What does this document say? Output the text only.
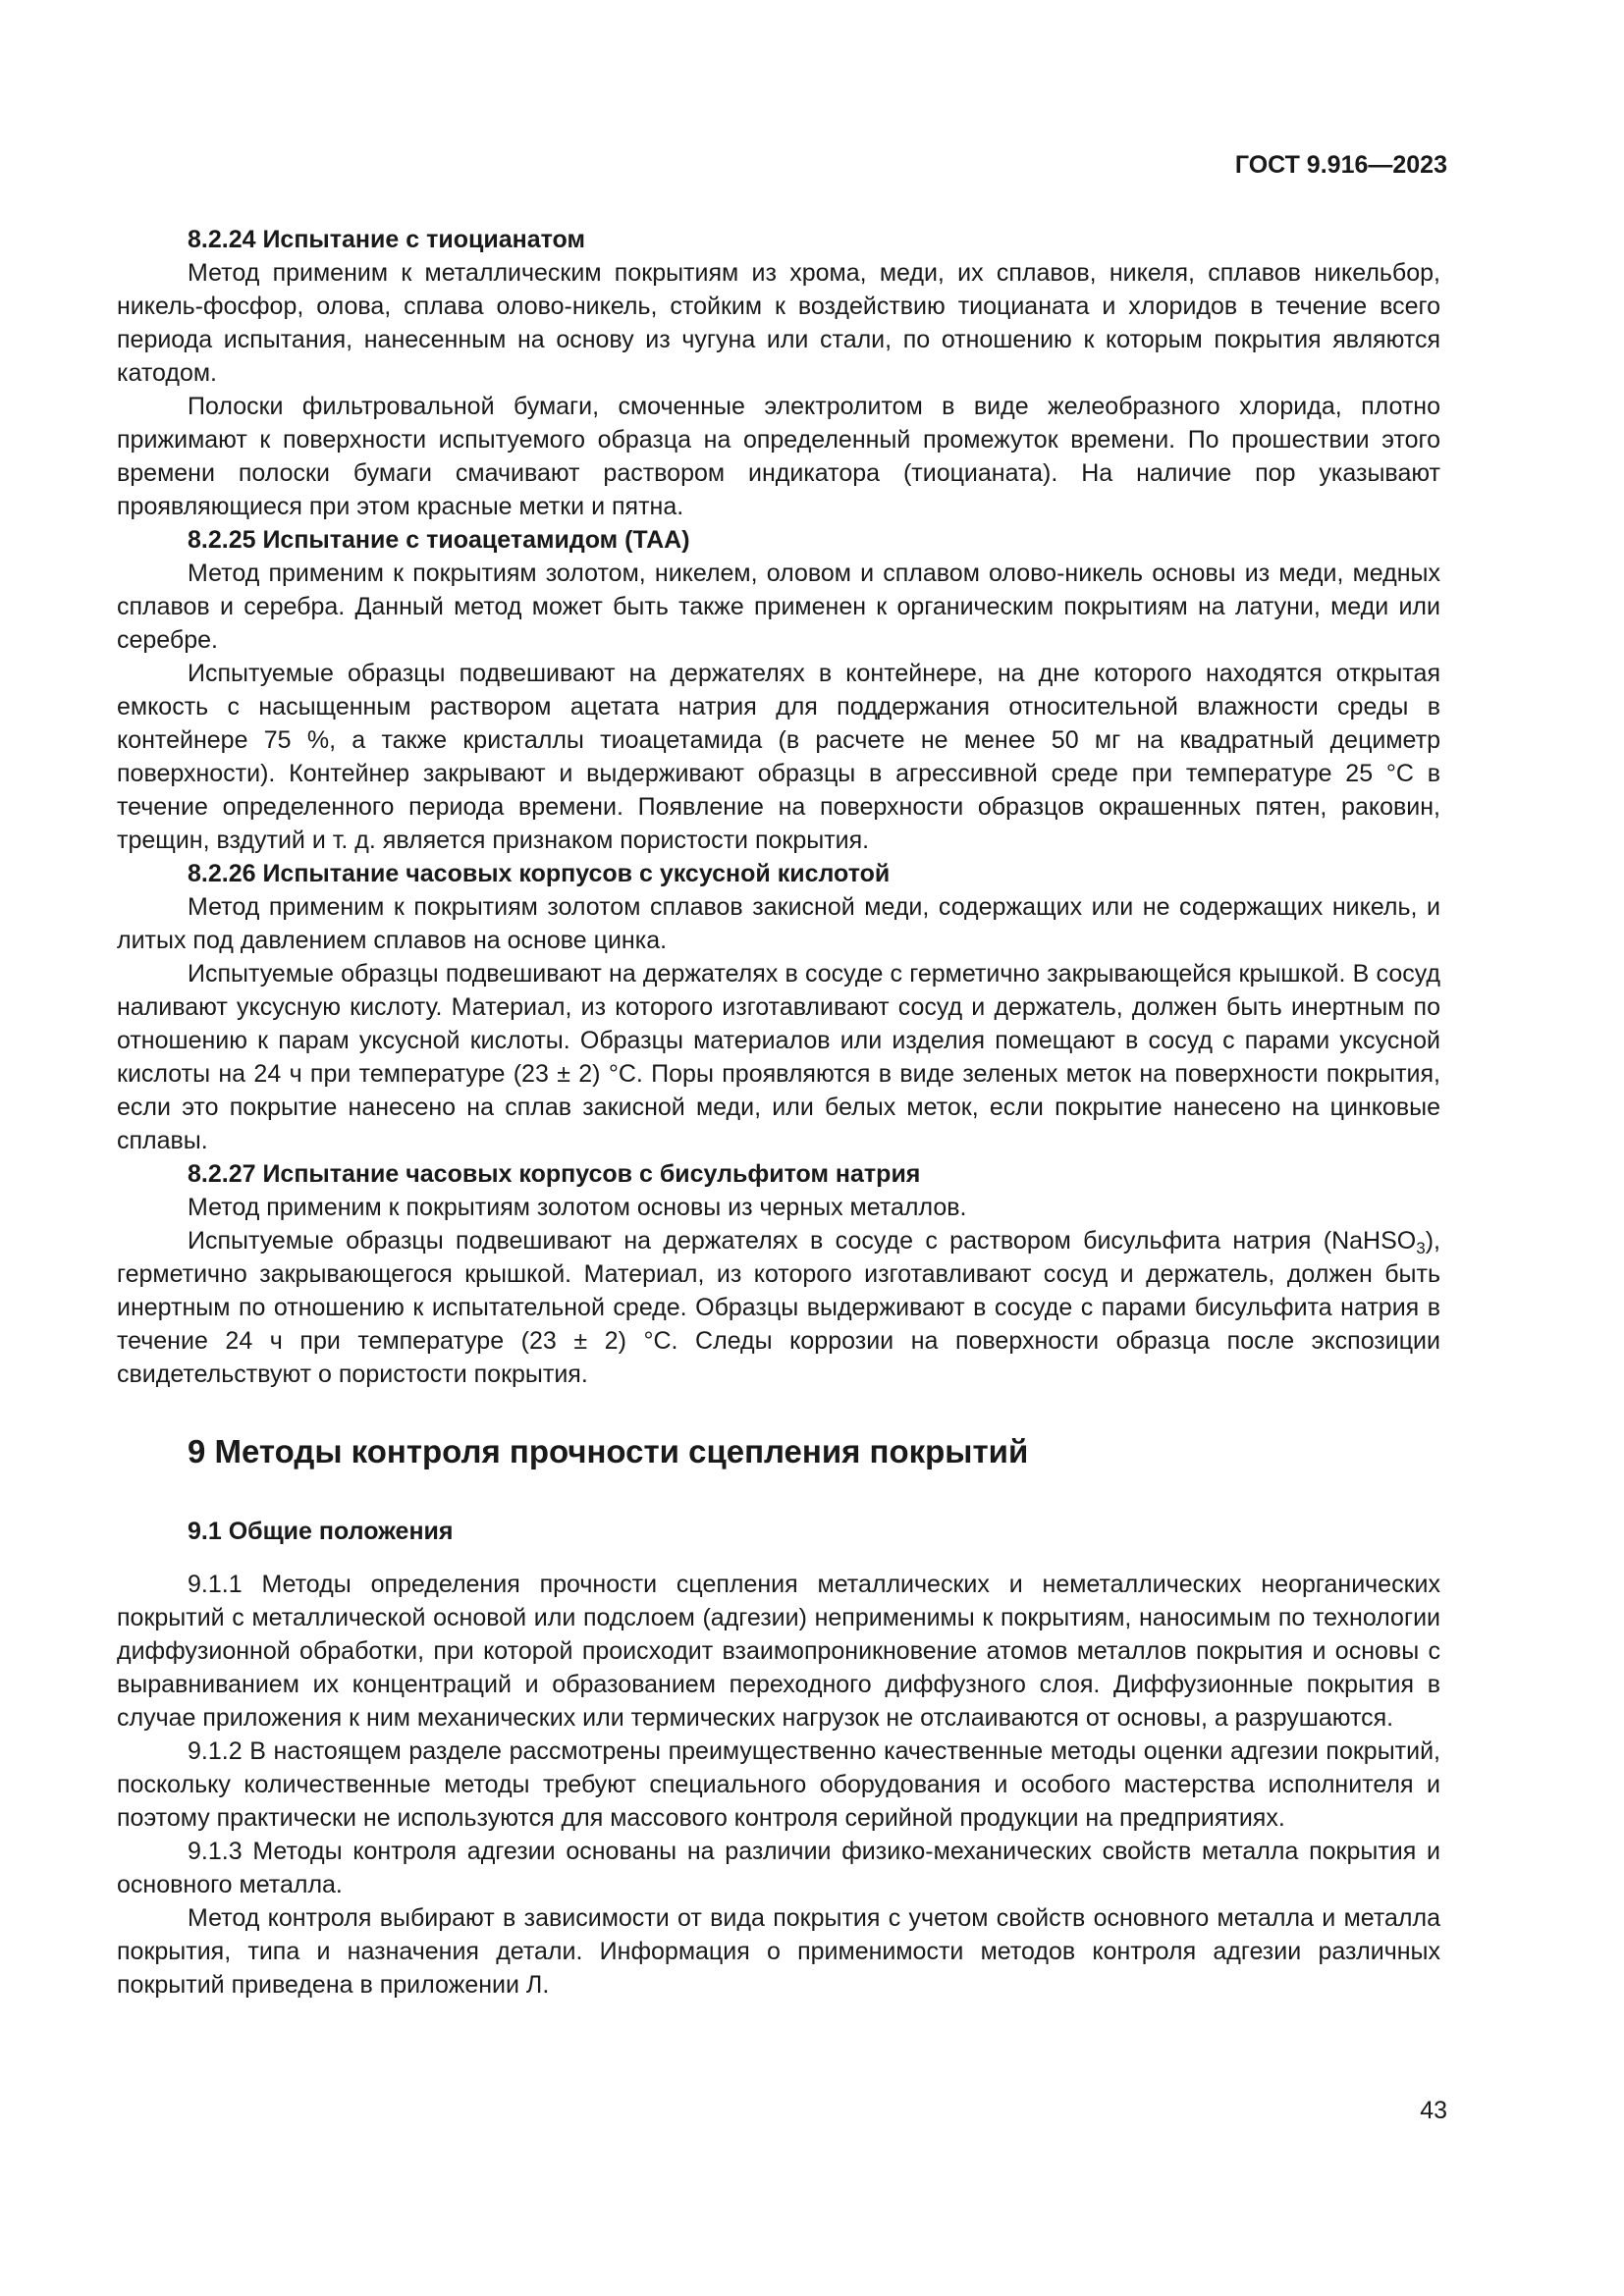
ГОСТ 9.916—2023

8.2.24 Испытание с тиоцианатом

Метод применим к металлическим покрытиям из хрома, меди, их сплавов, никеля, сплавов никельбор, никель-фосфор, олова, сплава олово-никель, стойким к воздействию тиоцианата и хлоридов в течение всего периода испытания, нанесенным на основу из чугуна или стали, по отношению к которым покрытия являются катодом.

Полоски фильтровальной бумаги, смоченные электролитом в виде желеобразного хлорида, плотно прижимают к поверхности испытуемого образца на определенный промежуток времени. По прошествии этого времени полоски бумаги смачивают раствором индикатора (тиоцианата). На наличие пор указывают проявляющиеся при этом красные метки и пятна.

8.2.25 Испытание с тиоацетамидом (ТАА)

Метод применим к покрытиям золотом, никелем, оловом и сплавом олово-никель основы из меди, медных сплавов и серебра. Данный метод может быть также применен к органическим покрытиям на латуни, меди или серебре.

Испытуемые образцы подвешивают на держателях в контейнере, на дне которого находятся открытая емкость с насыщенным раствором ацетата натрия для поддержания относительной влажности среды в контейнере 75 %, а также кристаллы тиоацетамида (в расчете не менее 50 мг на квадратный дециметр поверхности). Контейнер закрывают и выдерживают образцы в агрессивной среде при температуре 25 °С в течение определенного периода времени. Появление на поверхности образцов окрашенных пятен, раковин, трещин, вздутий и т. д. является признаком пористости покрытия.

8.2.26 Испытание часовых корпусов с уксусной кислотой

Метод применим к покрытиям золотом сплавов закисной меди, содержащих или не содержащих никель, и литых под давлением сплавов на основе цинка.

Испытуемые образцы подвешивают на держателях в сосуде с герметично закрывающейся крышкой. В сосуд наливают уксусную кислоту. Материал, из которого изготавливают сосуд и держатель, должен быть инертным по отношению к парам уксусной кислоты. Образцы материалов или изделия помещают в сосуд с парами уксусной кислоты на 24 ч при температуре (23 ± 2) °С. Поры проявляются в виде зеленых меток на поверхности покрытия, если это покрытие нанесено на сплав закисной меди, или белых меток, если покрытие нанесено на цинковые сплавы.

8.2.27 Испытание часовых корпусов с бисульфитом натрия

Метод применим к покрытиям золотом основы из черных металлов.

Испытуемые образцы подвешивают на держателях в сосуде с раствором бисульфита натрия (NaHSO$_3$), герметично закрывающегося крышкой. Материал, из которого изготавливают сосуд и держатель, должен быть инертным по отношению к испытательной среде. Образцы выдерживают в сосуде с парами бисульфита натрия в течение 24 ч при температуре (23 ± 2) °С. Следы коррозии на поверхности образца после экспозиции свидетельствуют о пористости покрытия.

9 Методы контроля прочности сцепления покрытий
9.1 Общие положения

9.1.1 Методы определения прочности сцепления металлических и неметаллических неорганических покрытий с металлической основой или подслоем (адгезии) неприменимы к покрытиям, наносимым по технологии диффузионной обработки, при которой происходит взаимопроникновение атомов металлов покрытия и основы с выравниванием их концентраций и образованием переходного диффузного слоя. Диффузионные покрытия в случае приложения к ним механических или термических нагрузок не отслаиваются от основы, а разрушаются.

9.1.2 В настоящем разделе рассмотрены преимущественно качественные методы оценки адгезии покрытий, поскольку количественные методы требуют специального оборудования и особого мастерства исполнителя и поэтому практически не используются для массового контроля серийной продукции на предприятиях.

9.1.3 Методы контроля адгезии основаны на различии физико-механических свойств металла покрытия и основного металла.

Метод контроля выбирают в зависимости от вида покрытия с учетом свойств основного металла и металла покрытия, типа и назначения детали. Информация о применимости методов контроля адгезии различных покрытий приведена в приложении Л.

43
